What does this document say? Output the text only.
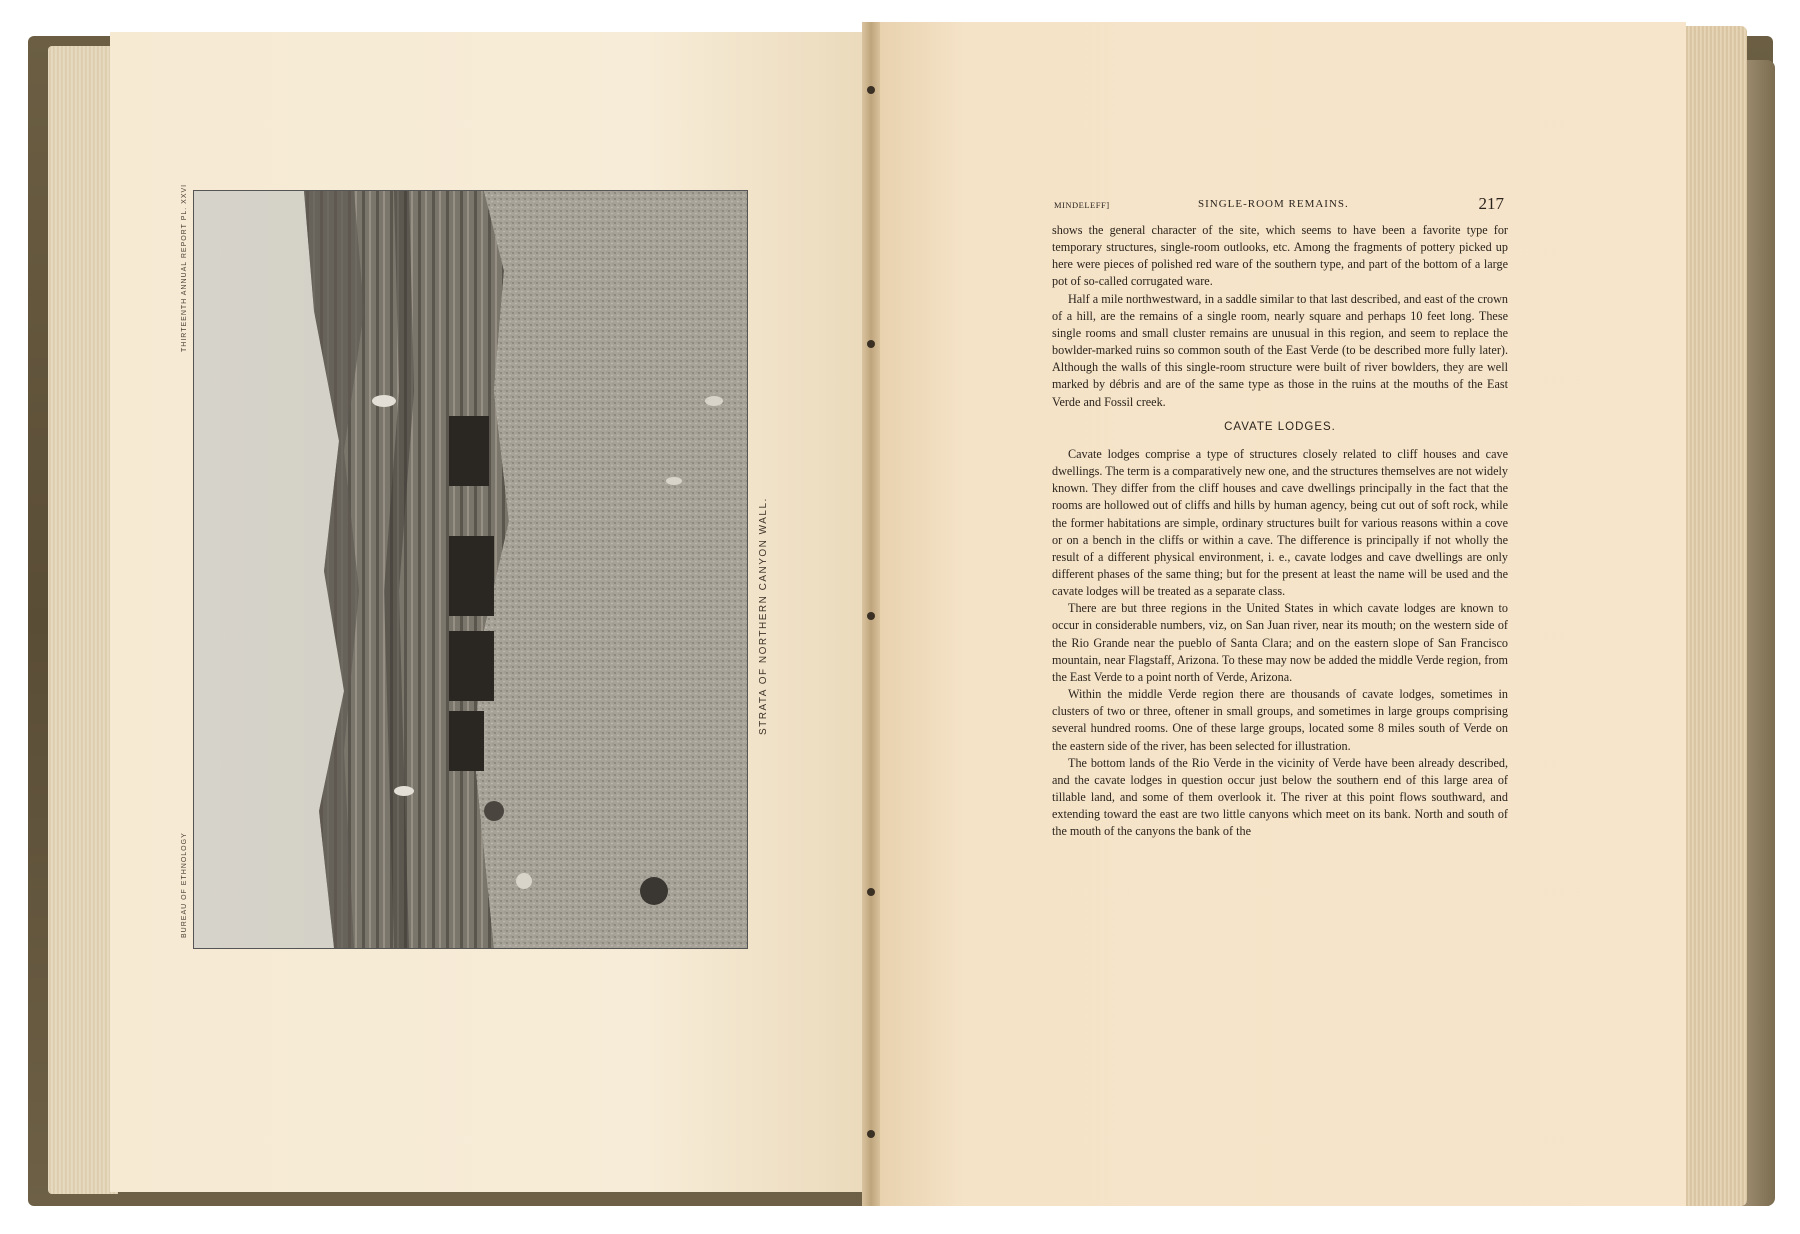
THIRTEENTH ANNUAL REPORT PL. XXVI
BUREAU OF ETHNOLOGY
STRATA OF NORTHERN CANYON WALL.
MINDELEFF]	SINGLE-ROOM REMAINS.	217

shows the general character of the site, which seems to have been a favorite type for temporary structures, single-room outlooks, etc. Among the fragments of pottery picked up here were pieces of polished red ware of the southern type, and part of the bottom of a large pot of so-called corrugated ware.

Half a mile northwestward, in a saddle similar to that last described, and east of the crown of a hill, are the remains of a single room, nearly square and perhaps 10 feet long. These single rooms and small cluster remains are unusual in this region, and seem to replace the bowlder-marked ruins so common south of the East Verde (to be described more fully later). Although the walls of this single-room structure were built of river bowlders, they are well marked by débris and are of the same type as those in the ruins at the mouths of the East Verde and Fossil creek.

CAVATE LODGES.

Cavate lodges comprise a type of structures closely related to cliff houses and cave dwellings. The term is a comparatively new one, and the structures themselves are not widely known. They differ from the cliff houses and cave dwellings principally in the fact that the rooms are hollowed out of cliffs and hills by human agency, being cut out of soft rock, while the former habitations are simple, ordinary structures built for various reasons within a cove or on a bench in the cliffs or within a cave. The difference is principally if not wholly the result of a different physical environment, i. e., cavate lodges and cave dwellings are only different phases of the same thing; but for the present at least the name will be used and the cavate lodges will be treated as a separate class.

There are but three regions in the United States in which cavate lodges are known to occur in considerable numbers, viz, on San Juan river, near its mouth; on the western side of the Rio Grande near the pueblo of Santa Clara; and on the eastern slope of San Francisco mountain, near Flagstaff, Arizona. To these may now be added the middle Verde region, from the East Verde to a point north of Verde, Arizona.

Within the middle Verde region there are thousands of cavate lodges, sometimes in clusters of two or three, oftener in small groups, and sometimes in large groups comprising several hundred rooms. One of these large groups, located some 8 miles south of Verde on the eastern side of the river, has been selected for illustration.

The bottom lands of the Rio Verde in the vicinity of Verde have been already described, and the cavate lodges in question occur just below the southern end of this large area of tillable land, and some of them overlook it. The river at this point flows southward, and extending toward the east are two little canyons which meet on its bank. North and south of the mouth of the canyons the bank of the
